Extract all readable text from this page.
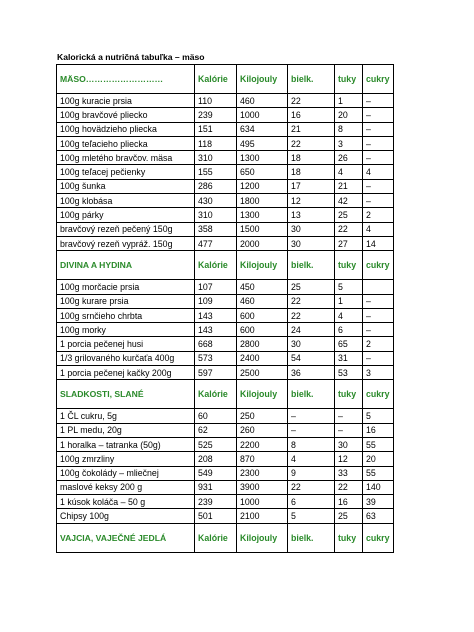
Kalorická a nutričná tabuľka – mäso
MÄSO………………………	Kalórie	Kilojouly	bielk.	tuky	cukry
100g kuracie prsia	110	460	22	1	–
100g bravčové pliecko	239	1000	16	20	–
100g hovädzieho pliecka	151	634	21	8	–
100g teľacieho pliecka	118	495	22	3	–
100g mletého bravčov. mäsa	310	1300	18	26	–
100g teľacej pečienky	155	650	18	4	4
100g šunka	286	1200	17	21	–
100g klobása	430	1800	12	42	–
100g párky	310	1300	13	25	2
bravčový rezeň pečený 150g	358	1500	30	22	4
bravčový rezeň vypráž. 150g	477	2000	30	27	14
DIVINA A HYDINA	Kalórie	Kilojouly	bielk.	tuky	cukry
100g morčacie prsia	107	450	25	5	
100g kurare prsia	109	460	22	1	–
100g srnčieho chrbta	143	600	22	4	–
100g morky	143	600	24	6	–
1 porcia pečenej husi	668	2800	30	65	2
1/3 grilovaného kurčaťa 400g	573	2400	54	31	–
1 porcia pečenej kačky 200g	597	2500	36	53	3
SLADKOSTI, SLANÉ	Kalórie	Kilojouly	bielk.	tuky	cukry
1 ČL cukru, 5g	60	250	–	–	5
1 PL medu, 20g	62	260	–	–	16
1 horalka – tatranka (50g)	525	2200	8	30	55
100g zmrzliny	208	870	4	12	20
100g čokolády – mliečnej	549	2300	9	33	55
maslové keksy 200 g	931	3900	22	22	140
1 kúsok koláča – 50 g	239	1000	6	16	39
Chipsy 100g	501	2100	5	25	63
VAJCIA, VAJEČNÉ JEDLÁ	Kalórie	Kilojouly	bielk.	tuky	cukry
